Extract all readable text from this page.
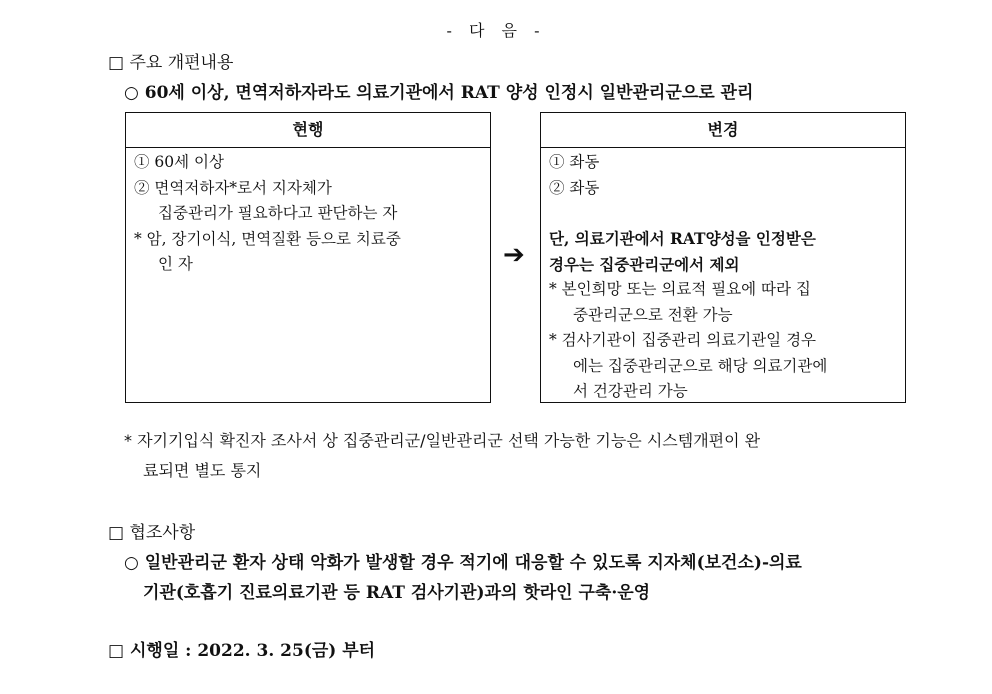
- 다 음 -
□ 주요 개편내용
○ 60세 이상, 면역저하자라도 의료기관에서 RAT 양성 인정시 일반관리군으로 관리
현행
① 60세 이상
② 면역저하자*로서 지자체가
집중관리가 필요하다고 판단하는 자
* 암, 장기이식, 면역질환 등으로 치료중
인 자	➔
변경
① 좌동
② 좌동
단, 의료기관에서 RAT양성을 인정받은
경우는 집중관리군에서 제외
* 본인희망 또는 의료적 필요에 따라 집
중관리군으로 전환 가능
* 검사기관이 집중관리 의료기관일 경우
에는 집중관리군으로 해당 의료기관에
서 건강관리 가능
* 자기기입식 확진자 조사서 상 집중관리군/일반관리군 선택 가능한 기능은 시스템개편이 완
료되면 별도 통지
□ 협조사항
○ 일반관리군 환자 상태 악화가 발생할 경우 적기에 대응할 수 있도록 지자체(보건소)-의료
기관(호흡기 진료의료기관 등 RAT 검사기관)과의 핫라인 구축·운영
□ 시행일 : 2022. 3. 25(금) 부터
